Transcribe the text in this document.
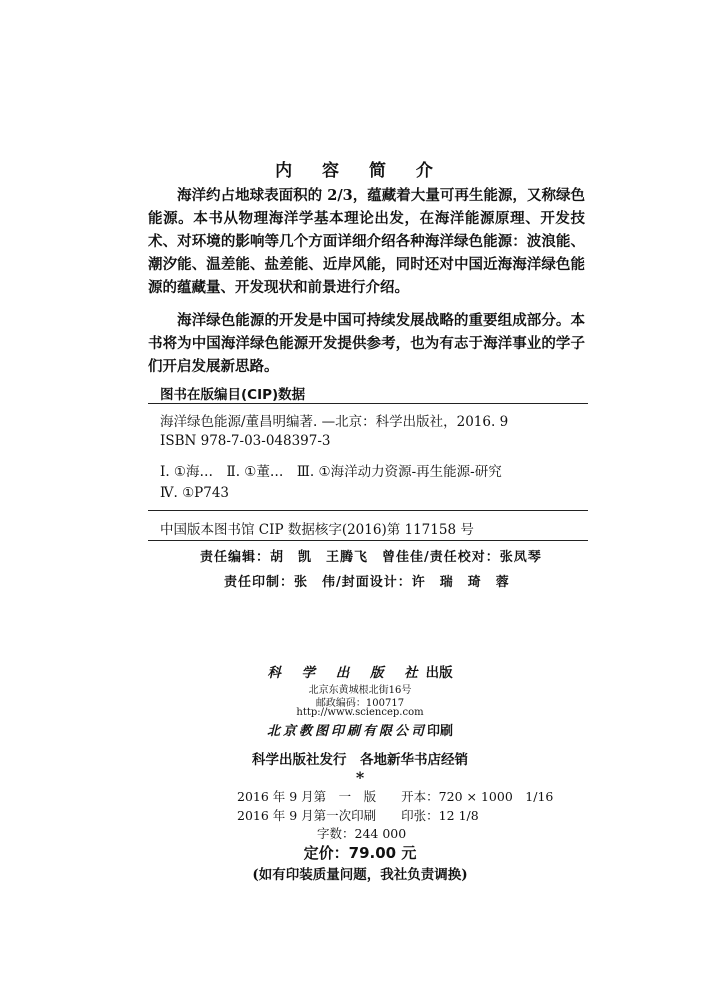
内 容 简 介

海洋约占地球表面积的 2/3，蕴藏着大量可再生能源，又称绿色能源。本书从物理海洋学基本理论出发，在海洋能源原理、开发技术、对环境的影响等几个方面详细介绍各种海洋绿色能源：波浪能、潮汐能、温差能、盐差能、近岸风能，同时还对中国近海海洋绿色能源的蕴藏量、开发现状和前景进行介绍。

海洋绿色能源的开发是中国可持续发展战略的重要组成部分。本书将为中国海洋绿色能源开发提供参考，也为有志于海洋事业的学子们开启发展新思路。

图书在版编目(CIP)数据
海洋绿色能源/董昌明编著. —北京：科学出版社，2016. 9
ISBN 978-7-03-048397-3
Ⅰ. ①海…　Ⅱ. ①董…　Ⅲ. ①海洋动力资源-再生能源-研究
Ⅳ. ①P743
中国版本图书馆 CIP 数据核字(2016)第 117158 号
责任编辑：胡　凯　王腾飞　曾佳佳/责任校对：张凤琴
责任印制：张　伟/封面设计：许　瑞　琦　蓉
科 学 出 版 社出版
北京东黄城根北街16号
邮政编码：100717
http://www.sciencep.com
北京教图印刷有限公司印刷
科学出版社发行　各地新华书店经销
*
2016 年 9 月第　一　版　　开本：720 × 1000　1/16
2016 年 9 月第一次印刷　　印张：12 1/8
字数：244 000
定价：79.00 元
(如有印装质量问题，我社负责调换)
